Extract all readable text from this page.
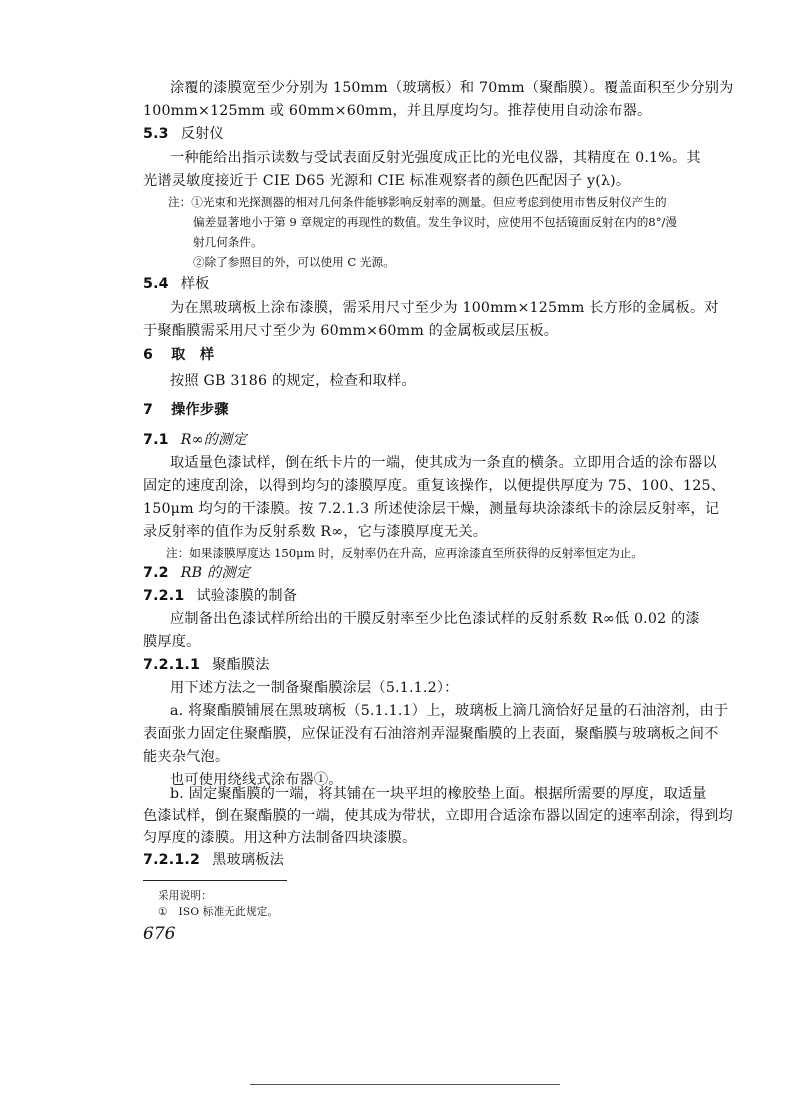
涂覆的漆膜宽至少分别为 150mm（玻璃板）和 70mm（聚酯膜）。覆盖面积至少分别为
100mm×125mm 或 60mm×60mm，并且厚度均匀。推荐使用自动涂布器。
5.3 反射仪
一种能给出指示读数与受试表面反射光强度成正比的光电仪器，其精度在 0.1%。其
光谱灵敏度接近于 CIE D65 光源和 CIE 标准观察者的颜色匹配因子 y(λ)。
注：①光束和光探测器的相对几何条件能够影响反射率的测量。但应考虑到使用市售反射仪产生的
偏差显著地小于第 9 章规定的再现性的数值。发生争议时，应使用不包括镜面反射在内的8°/漫
射几何条件。
②除了参照目的外，可以使用 C 光源。
5.4 样板
为在黑玻璃板上涂布漆膜，需采用尺寸至少为 100mm×125mm 长方形的金属板。对
于聚酯膜需采用尺寸至少为 60mm×60mm 的金属板或层压板。
6 取　样
按照 GB 3186 的规定，检查和取样。
7 操作步骤
7.1 R∞的测定
取适量色漆试样，倒在纸卡片的一端，使其成为一条直的横条。立即用合适的涂布器以
固定的速度刮涂，以得到均匀的漆膜厚度。重复该操作，以便提供厚度为 75、100、125、
150μm 均匀的干漆膜。按 7.2.1.3 所述使涂层干燥，测量每块涂漆纸卡的涂层反射率，记
录反射率的值作为反射系数 R∞，它与漆膜厚度无关。
注：如果漆膜厚度达 150μm 时，反射率仍在升高，应再涂漆直至所获得的反射率恒定为止。
7.2 RB 的测定
7.2.1 试验漆膜的制备
应制备出色漆试样所给出的干膜反射率至少比色漆试样的反射系数 R∞低 0.02 的漆
膜厚度。
7.2.1.1 聚酯膜法
用下述方法之一制备聚酯膜涂层（5.1.1.2）：
a. 将聚酯膜铺展在黑玻璃板（5.1.1.1）上，玻璃板上滴几滴恰好足量的石油溶剂，由于
表面张力固定住聚酯膜，应保证没有石油溶剂弄湿聚酯膜的上表面，聚酯膜与玻璃板之间不
能夹杂气泡。
也可使用绕线式涂布器①。
b. 固定聚酯膜的一端，将其铺在一块平坦的橡胶垫上面。根据所需要的厚度，取适量
色漆试样，倒在聚酯膜的一端，使其成为带状，立即用合适涂布器以固定的速率刮涂，得到均
匀厚度的漆膜。用这种方法制备四块漆膜。
7.2.1.2 黑玻璃板法
采用说明：
①　ISO 标准无此规定。
676
